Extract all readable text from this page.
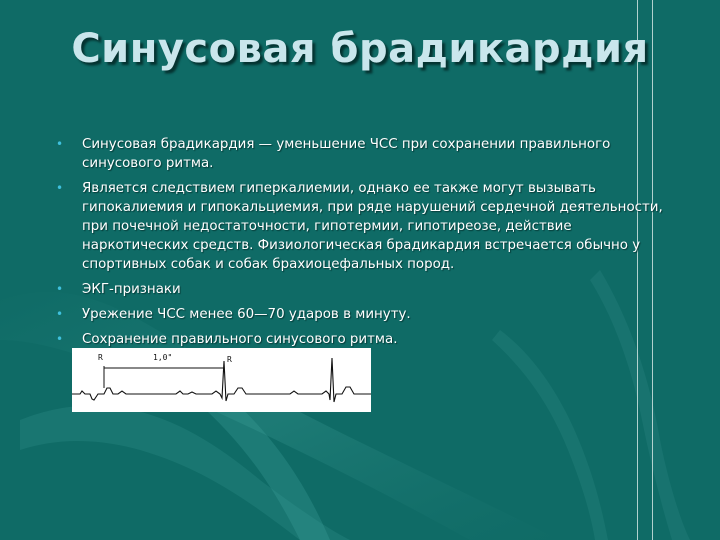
Синусовая брадикардия
• Синусовая брадикардия — уменьшение ЧСС при сохранении правильного синусового ритма.
• Является следствием гиперкалиемии, однако ее также могут вызывать гипокалиемия и гипокальциемия, при ряде нарушений сердечной деятельности, при почечной недостаточности, гипотермии, гипотиреозе, действие наркотических средств. Физиологическая брадикардия встречается обычно у спортивных собак и собак брахиоцефальных пород.
• ЭКГ-признаки
• Урежение ЧСС менее 60—70 ударов в минуту.
• Сохранение правильного синусового ритма.
R	1,0"	R
